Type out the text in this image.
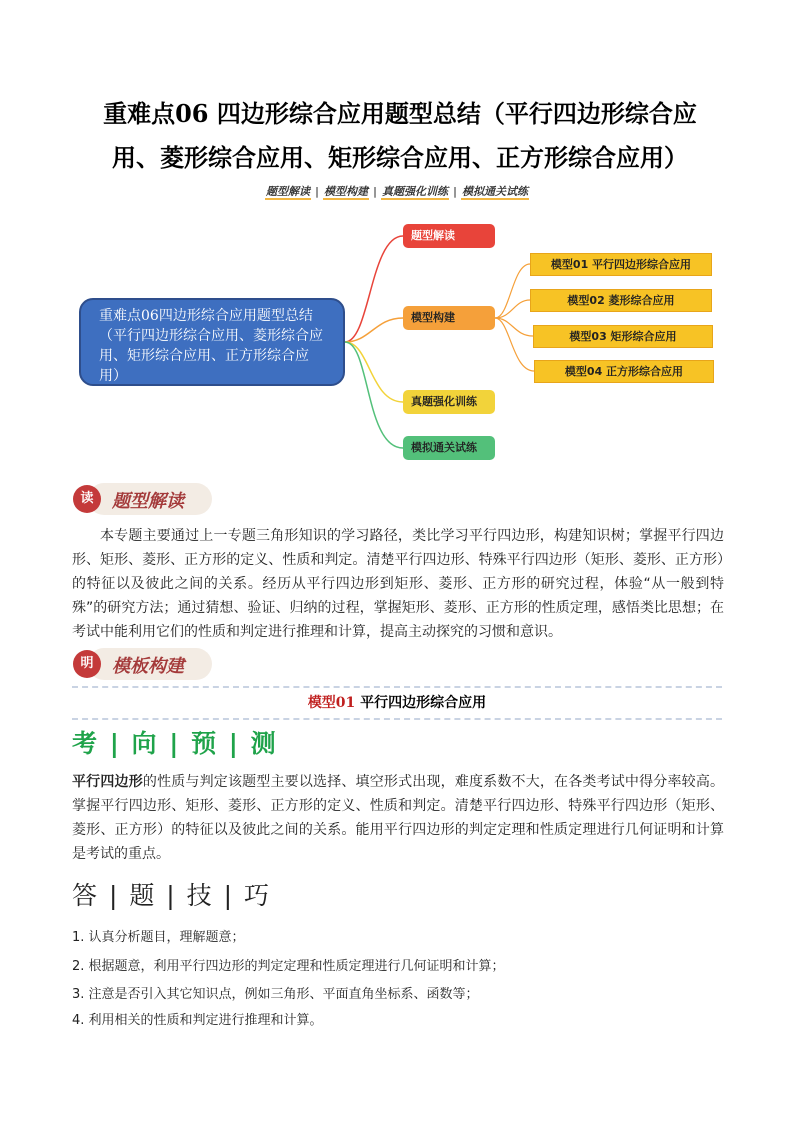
重难点06 四边形综合应用题型总结（平行四边形综合应
用、菱形综合应用、矩形综合应用、正方形综合应用）
题型解读 | 模型构建 | 真题强化训练 | 模拟通关试练
重难点06四边形综合应用题型总结（平行四边形综合应用、菱形综合应用、矩形综合应用、正方形综合应用）
题型解读
模型构建
真题强化训练
模拟通关试练
模型01 平行四边形综合应用
模型02 菱形综合应用
模型03 矩形综合应用
模型04 正方形综合应用
读	题型解读
本专题主要通过上一专题三角形知识的学习路径，类比学习平行四边形，构建知识树；掌握平行四边形、矩形、菱形、正方形的定义、性质和判定。清楚平行四边形、特殊平行四边形（矩形、菱形、正方形）的特征以及彼此之间的关系。经历从平行四边形到矩形、菱形、正方形的研究过程，体验“从一般到特殊”的研究方法；通过猜想、验证、归纳的过程，掌握矩形、菱形、正方形的性质定理，感悟类比思想；在考试中能利用它们的性质和判定进行推理和计算，提高主动探究的习惯和意识。
明	模板构建
模型01 平行四边形综合应用
考 | 向 | 预 | 测
平行四边形的性质与判定该题型主要以选择、填空形式出现，难度系数不大，在各类考试中得分率较高。掌握平行四边形、矩形、菱形、正方形的定义、性质和判定。清楚平行四边形、特殊平行四边形（矩形、菱形、正方形）的特征以及彼此之间的关系。能用平行四边形的判定定理和性质定理进行几何证明和计算是考试的重点。
答 | 题 | 技 | 巧
1. 认真分析题目，理解题意；
2. 根据题意，利用平行四边形的判定定理和性质定理进行几何证明和计算；
3. 注意是否引入其它知识点，例如三角形、平面直角坐标系、函数等；
4. 利用相关的性质和判定进行推理和计算。
